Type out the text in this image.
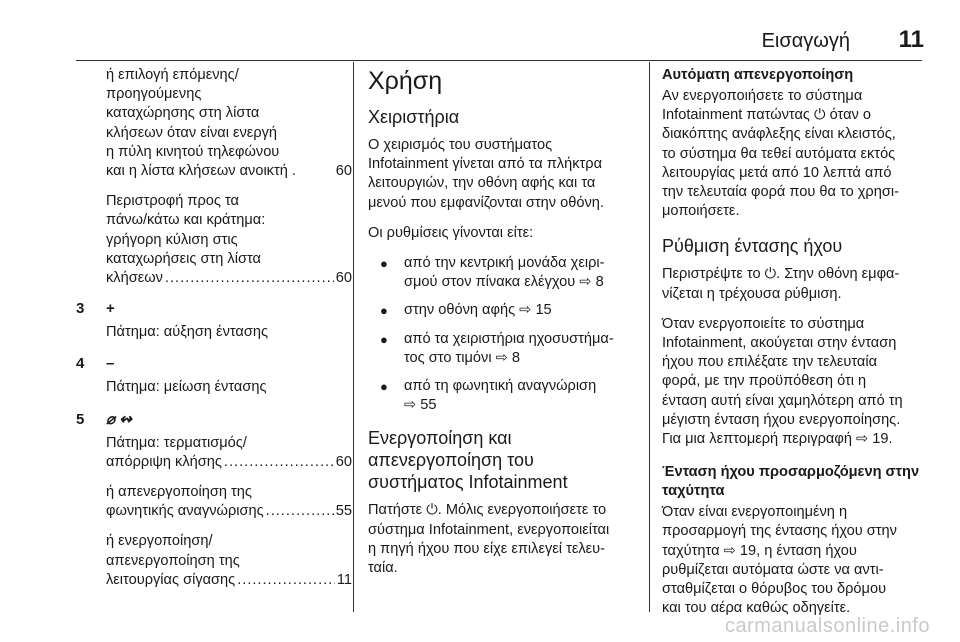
Εισαγωγή 11
ή επιλογή επόμενης/
προηγούμενης
καταχώρησης στη λίστα
κλήσεων όταν είναι ενεργή
η πύλη κινητού τηλεφώνου
και η λίστα κλήσεων ανοικτή .	60
Περιστροφή προς τα
πάνω/κάτω και κράτημα:
γρήγορη κύλιση στις
καταχωρήσεις στη λίστα
κλήσεων .....	60
3 +
Πάτημα: αύξηση έντασης
4 –
Πάτημα: μείωση έντασης
5 ⌀ ↭
Πάτημα: τερματισμός/
απόρριψη κλήσης .....	60
ή απενεργοποίηση της
φωνητικής αναγνώρισης .....	55
ή ενεργοποίηση/
απενεργοποίηση της
λειτουργίας σίγασης .....	11
Χρήση
Χειριστήρια
Ο χειρισμός του συστήματος
Infotainment γίνεται από τα πλήκτρα
λειτουργιών, την οθόνη αφής και τα
μενού που εμφανίζονται στην οθόνη.
Οι ρυθμίσεις γίνονται είτε:
● από την κεντρική μονάδα χειρι-
σμού στον πίνακα ελέγχου ⇨ 8
● στην οθόνη αφής ⇨ 15
● από τα χειριστήρια ηχοσυστήμα-
τος στο τιμόνι ⇨ 8
● από τη φωνητική αναγνώριση
⇨ 55
Ενεργοποίηση και
απενεργοποίηση του
συστήματος Infotainment
Πατήστε ⏻. Μόλις ενεργοποιήσετε το
σύστημα Infotainment, ενεργοποιείται
η πηγή ήχου που είχε επιλεγεί τελευ-
ταία.
Αυτόματη απενεργοποίηση
Αν ενεργοποιήσετε το σύστημα
Infotainment πατώντας ⏻ όταν ο
διακόπτης ανάφλεξης είναι κλειστός,
το σύστημα θα τεθεί αυτόματα εκτός
λειτουργίας μετά από 10 λεπτά από
την τελευταία φορά που θα το χρησι-
μοποιήσετε.
Ρύθμιση έντασης ήχου
Περιστρέψτε το ⏻. Στην οθόνη εμφα-
νίζεται η τρέχουσα ρύθμιση.
Όταν ενεργοποιείτε το σύστημα
Infotainment, ακούγεται στην ένταση
ήχου που επιλέξατε την τελευταία
φορά, με την προϋπόθεση ότι η
ένταση αυτή είναι χαμηλότερη από τη
μέγιστη ένταση ήχου ενεργοποίησης.
Για μια λεπτομερή περιγραφή ⇨ 19.
Ένταση ήχου προσαρμοζόμενη στην
ταχύτητα
Όταν είναι ενεργοποιημένη η
προσαρμογή της έντασης ήχου στην
ταχύτητα ⇨ 19, η ένταση ήχου
ρυθμίζεται αυτόματα ώστε να αντι-
σταθμίζεται ο θόρυβος του δρόμου
και του αέρα καθώς οδηγείτε.
carmanualsonline.info
